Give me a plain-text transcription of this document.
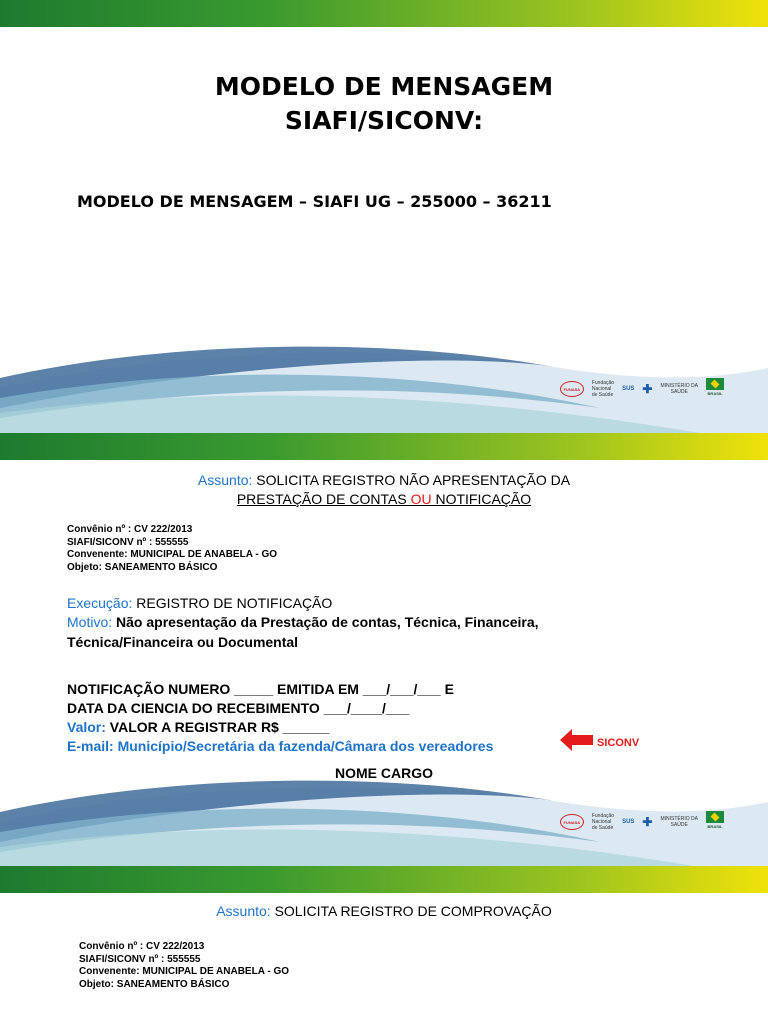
MODELO DE MENSAGEM
SIAFI/SICONV:
MODELO DE MENSAGEM – SIAFI UG – 255000 – 36211
FUNASA
Fundação
Nacional
de Saúde
SUS ✚ MINISTÉRIO DA
SAÚDE	BRASIL
Assunto: SOLICITA REGISTRO NÃO APRESENTAÇÃO DA
PRESTAÇÃO DE CONTAS OU NOTIFICAÇÃO
Convênio nº : CV 222/2013
SIAFI/SICONV nº : 555555
Convenente: MUNICIPAL DE ANABELA - GO
Objeto: SANEAMENTO BÁSICO
Execução: REGISTRO DE NOTIFICAÇÃO
Motivo: Não apresentação da Prestação de contas, Técnica, Financeira,
Técnica/Financeira ou Documental
NOTIFICAÇÃO NUMERO _____ EMITIDA EM ___/___/___ E
DATA DA CIENCIA DO RECEBIMENTO ___/____/___
Valor: VALOR A REGISTRAR R$ ______
E-mail: Município/Secretária da fazenda/Câmara dos vereadores	SICONV
NOME CARGO
FUNASA
Fundação
Nacional
de Saúde
SUS ✚ MINISTÉRIO DA
SAÚDE	BRASIL
Assunto: SOLICITA REGISTRO DE COMPROVAÇÃO
Convênio nº : CV 222/2013
SIAFI/SICONV nº : 555555
Convenente: MUNICIPAL DE ANABELA - GO
Objeto: SANEAMENTO BÁSICO
